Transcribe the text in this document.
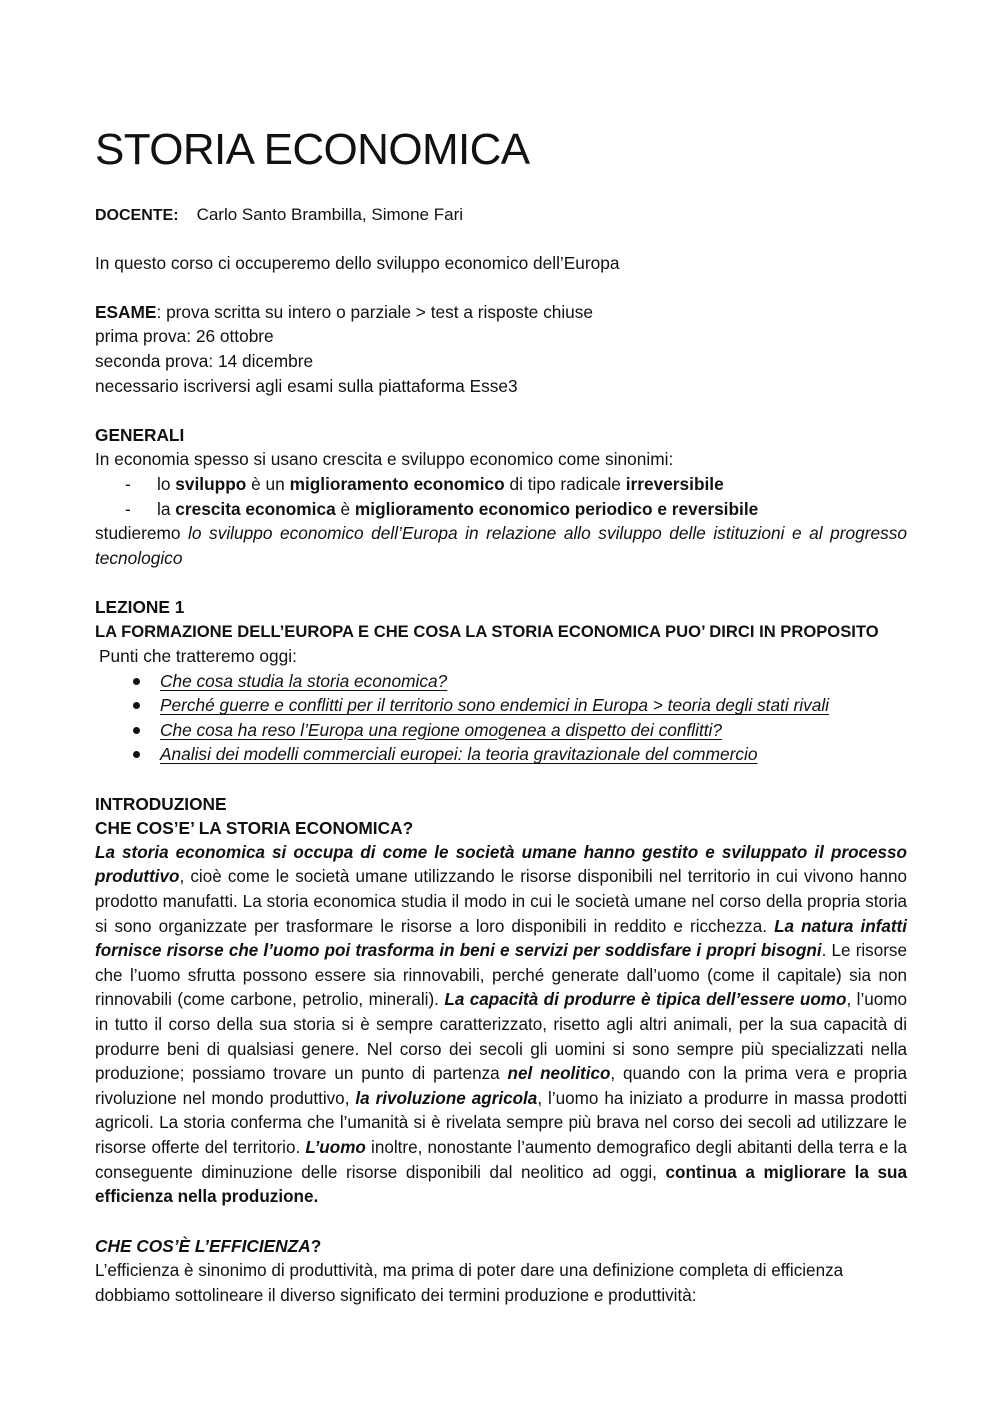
STORIA ECONOMICA

DOCENTE: Carlo Santo Brambilla, Simone Fari

In questo corso ci occuperemo dello sviluppo economico dell’Europa

ESAME: prova scritta su intero o parziale > test a risposte chiuse

prima prova: 26 ottobre

seconda prova: 14 dicembre

necessario iscriversi agli esami sulla piattaforma Esse3

GENERALI

In economia spesso si usano crescita e sviluppo economico come sinonimi:

- lo sviluppo è un miglioramento economico di tipo radicale irreversibile
- la crescita economica è miglioramento economico periodico e reversibile

studieremo lo sviluppo economico dell’Europa in relazione allo sviluppo delle istituzioni e al progresso tecnologico

LEZIONE 1

LA FORMAZIONE DELL’EUROPA E CHE COSA LA STORIA ECONOMICA PUO’ DIRCI IN PROPOSITO

Punti che tratteremo oggi:

Che cosa studia la storia economica?
Perché guerre e conflitti per il territorio sono endemici in Europa > teoria degli stati rivali
Che cosa ha reso l’Europa una regione omogenea a dispetto dei conflitti?
Analisi dei modelli commerciali europei: la teoria gravitazionale del commercio

INTRODUZIONE

CHE COS’E’ LA STORIA ECONOMICA?

La storia economica si occupa di come le società umane hanno gestito e sviluppato il processo produttivo, cioè come le società umane utilizzando le risorse disponibili nel territorio in cui vivono hanno prodotto manufatti. La storia economica studia il modo in cui le società umane nel corso della propria storia si sono organizzate per trasformare le risorse a loro disponibili in reddito e ricchezza. La natura infatti fornisce risorse che l’uomo poi trasforma in beni e servizi per soddisfare i propri bisogni. Le risorse che l’uomo sfrutta possono essere sia rinnovabili, perché generate dall’uomo (come il capitale) sia non rinnovabili (come carbone, petrolio, minerali). La capacità di produrre è tipica dell’essere uomo, l’uomo in tutto il corso della sua storia si è sempre caratterizzato, risetto agli altri animali, per la sua capacità di produrre beni di qualsiasi genere. Nel corso dei secoli gli uomini si sono sempre più specializzati nella produzione; possiamo trovare un punto di partenza nel neolitico, quando con la prima vera e propria rivoluzione nel mondo produttivo, la rivoluzione agricola, l’uomo ha iniziato a produrre in massa prodotti agricoli. La storia conferma che l’umanità si è rivelata sempre più brava nel corso dei secoli ad utilizzare le risorse offerte del territorio. L’uomo inoltre, nonostante l’aumento demografico degli abitanti della terra e la conseguente diminuzione delle risorse disponibili dal neolitico ad oggi, continua a migliorare la sua efficienza nella produzione.

CHE COS’È L’EFFICIENZA?

L’efficienza è sinonimo di produttività, ma prima di poter dare una definizione completa di efficienza dobbiamo sottolineare il diverso significato dei termini produzione e produttività:
